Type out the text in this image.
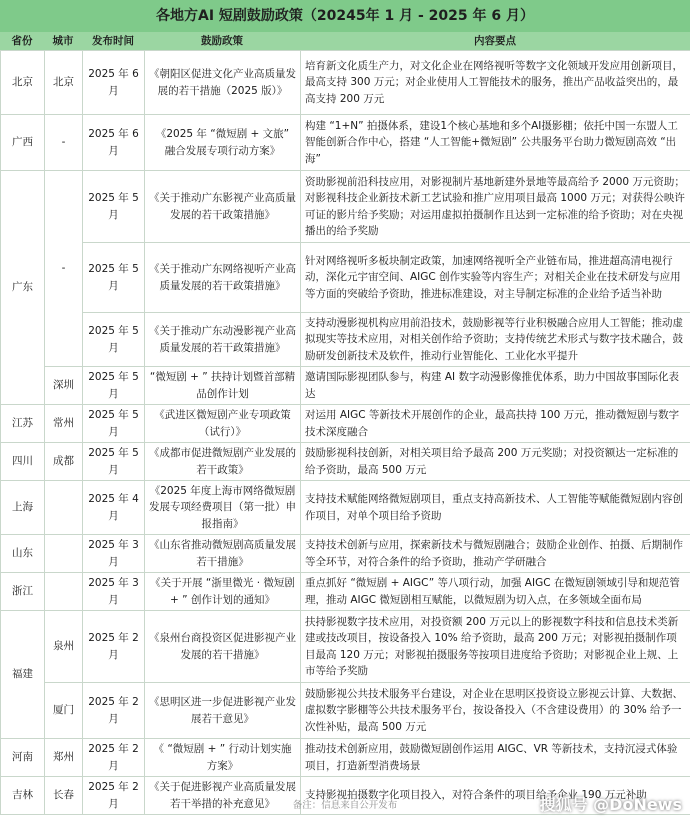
各地方AI 短剧鼓励政策（20245年 1 月 - 2025 年 6 月）
省份	城市	发布时间	鼓励政策	内容要点
北京	北京	2025 年 6 月	《朝阳区促进文化产业高质量发展的若干措施（2025 版）》	培育新文化质生产力，对文化企业在网络视听等数字文化领域开发应用创新项目，最高支持 300 万元；对企业使用人工智能技术的服务，推出产品收益突出的，最高支持 200 万元
广西	-	2025 年 6 月	《2025 年 “微短剧 + 文旅” 融合发展专项行动方案》	构建 “1+N” 拍摄体系，建设1个核心基地和多个AI摄影棚；依托中国一东盟人工智能创新合作中心，搭建 “人工智能+微短剧” 公共服务平台助力微短剧高效 “出海”
广东	-	2025 年 5 月	《关于推动广东影视产业高质量发展的若干政策措施》	资助影视前沿科技应用，对影视制片基地新建外景地等最高给予 2000 万元资助；对影视科技企业新技术新工艺试验和推广应用项目最高 1000 万元；对获得公映许可证的影片给予奖励；对运用虚拟拍摄制作且达到一定标准的给予资助；对在央视播出的给予奖励
		2025 年 5 月	《关于推动广东网络视听产业高质量发展的若干政策措施》	针对网络视听多板块制定政策，加速网络视听全产业链布局，推进超高清电视行动，深化元宇宙空间、AIGC 创作实验等内容生产；对相关企业在技术研发与应用等方面的突破给予资助，推进标准建设，对主导制定标准的企业给予适当补助
		2025 年 5 月	《关于推动广东动漫影视产业高质量发展的若干政策措施》	支持动漫影视机构应用前沿技术，鼓励影视等行业积极融合应用人工智能；推动虚拟现实等技术应用，对相关创作给予资助；支持传统艺术形式与数字技术融合，鼓励研发创新技术及软件，推动行业智能化、工业化水平提升
	深圳	2025 年 5 月	“微短剧 + ” 扶持计划暨首部精品创作计划	邀请国际影视团队参与，构建 AI 数字动漫影像推优体系，助力中国故事国际化表达
江苏	常州	2025 年 5 月	《武进区微短剧产业专项政策（试行）》	对运用 AIGC 等新技术开展创作的企业，最高扶持 100 万元，推动微短剧与数字技术深度融合
四川	成都	2025 年 5 月	《成都市促进微短剧产业发展的若干政策》	鼓励影视科技创新，对相关项目给予最高 200 万元奖励；对投资额达一定标准的给予资助，最高 500 万元
上海		2025 年 4 月	《2025 年度上海市网络微短剧发展专项经费项目（第一批）申报指南》	支持技术赋能网络微短剧项目，重点支持高新技术、人工智能等赋能微短剧内容创作项目，对单个项目给予资助
山东		2025 年 3 月	《山东省推动微短剧高质量发展若干措施》	支持技术创新与应用，探索新技术与微短剧融合；鼓励企业创作、拍摄、后期制作等全环节，对符合条件的给予资助，推动产学研融合
浙江		2025 年 3 月	《关于开展 “浙里微光 · 微短剧 + ” 创作计划的通知》	重点抓好 “微短剧 + AIGC” 等八项行动，加强 AIGC 在微短剧领域引导和规范管理，推动 AIGC 微短剧相互赋能，以微短剧为切入点，在多领域全面布局
福建	泉州	2025 年 2 月	《泉州台商投资区促进影视产业发展的若干措施》	扶持影视数字技术应用，对投资额 200 万元以上的影视数字科技和信息技术类新建或技改项目，按设备投入 10% 给予资助，最高 200 万元；对影视拍摄制作项目最高 120 万元；对影视拍摄服务等按项目进度给予资助；对影视企业上规、上市等给予奖励
	厦门	2025 年 2 月	《思明区进一步促进影视产业发展若干意见》	鼓励影视公共技术服务平台建设，对企业在思明区投资设立影视云计算、大数据、虚拟数字影棚等公共技术服务平台，按设备投入（不含建设费用）的 30% 给予一次性补贴，最高 500 万元
河南	郑州	2025 年 2 月	《 “微短剧 + ” 行动计划实施方案》	推动技术创新应用，鼓励微短剧创作运用 AIGC、VR 等新技术，支持沉浸式体验项目，打造新型消费场景
吉林	长春	2025 年 2 月	《关于促进影视产业高质量发展若干举措的补充意见》	支持影视拍摄数字化项目投入，对符合条件的项目给予企业 190 万元补助
备注：信息来自公开发布	搜狐号 @DoNews
